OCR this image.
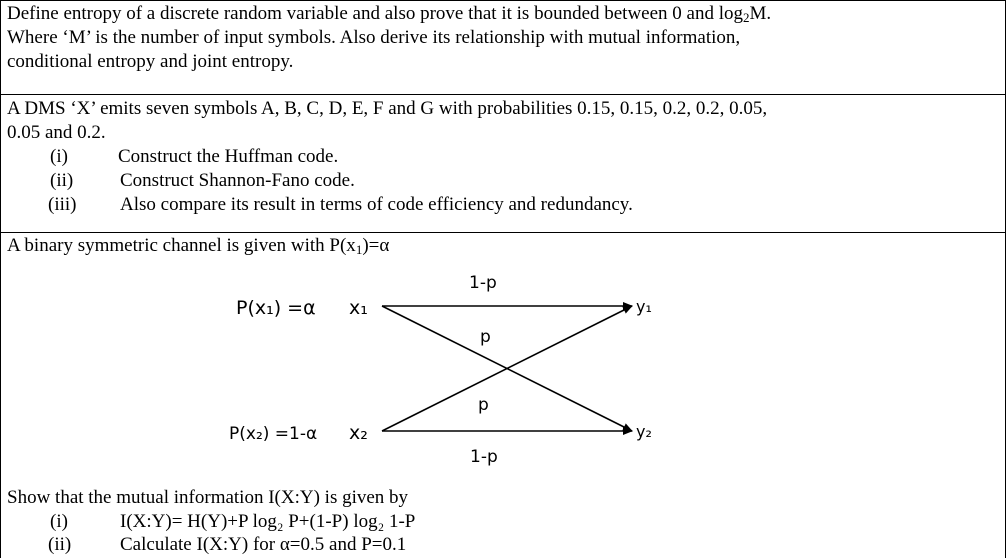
Define entropy of a discrete random variable and also prove that it is bounded between 0 and $\log_2M$.
Where ‘M’ is the number of input symbols. Also derive its relationship with mutual information,
conditional entropy and joint entropy.
A DMS ‘X’ emits seven symbols A, B, C, D, E, F and G with probabilities 0.15, 0.15, 0.2, 0.2, 0.05,
0.05 and 0.2.
(i)	Construct the Huffman code.
(ii) Construct Shannon-Fano code.
(iii) Also compare its result in terms of code efficiency and redundancy.
A binary symmetric channel is given with $P(x_1)=\alpha$
P(x₁) =α
P(x₂) =1-α
x₁
x₂
y₁
y₂
1-p
1-p
p
p
Show that the mutual information I(X:Y) is given by
(i)	I(X:Y)= H(Y)+P log₂ P+(1-P) log₂ 1-P
(ii)	Calculate I(X:Y) for α=0.5 and P=0.1
